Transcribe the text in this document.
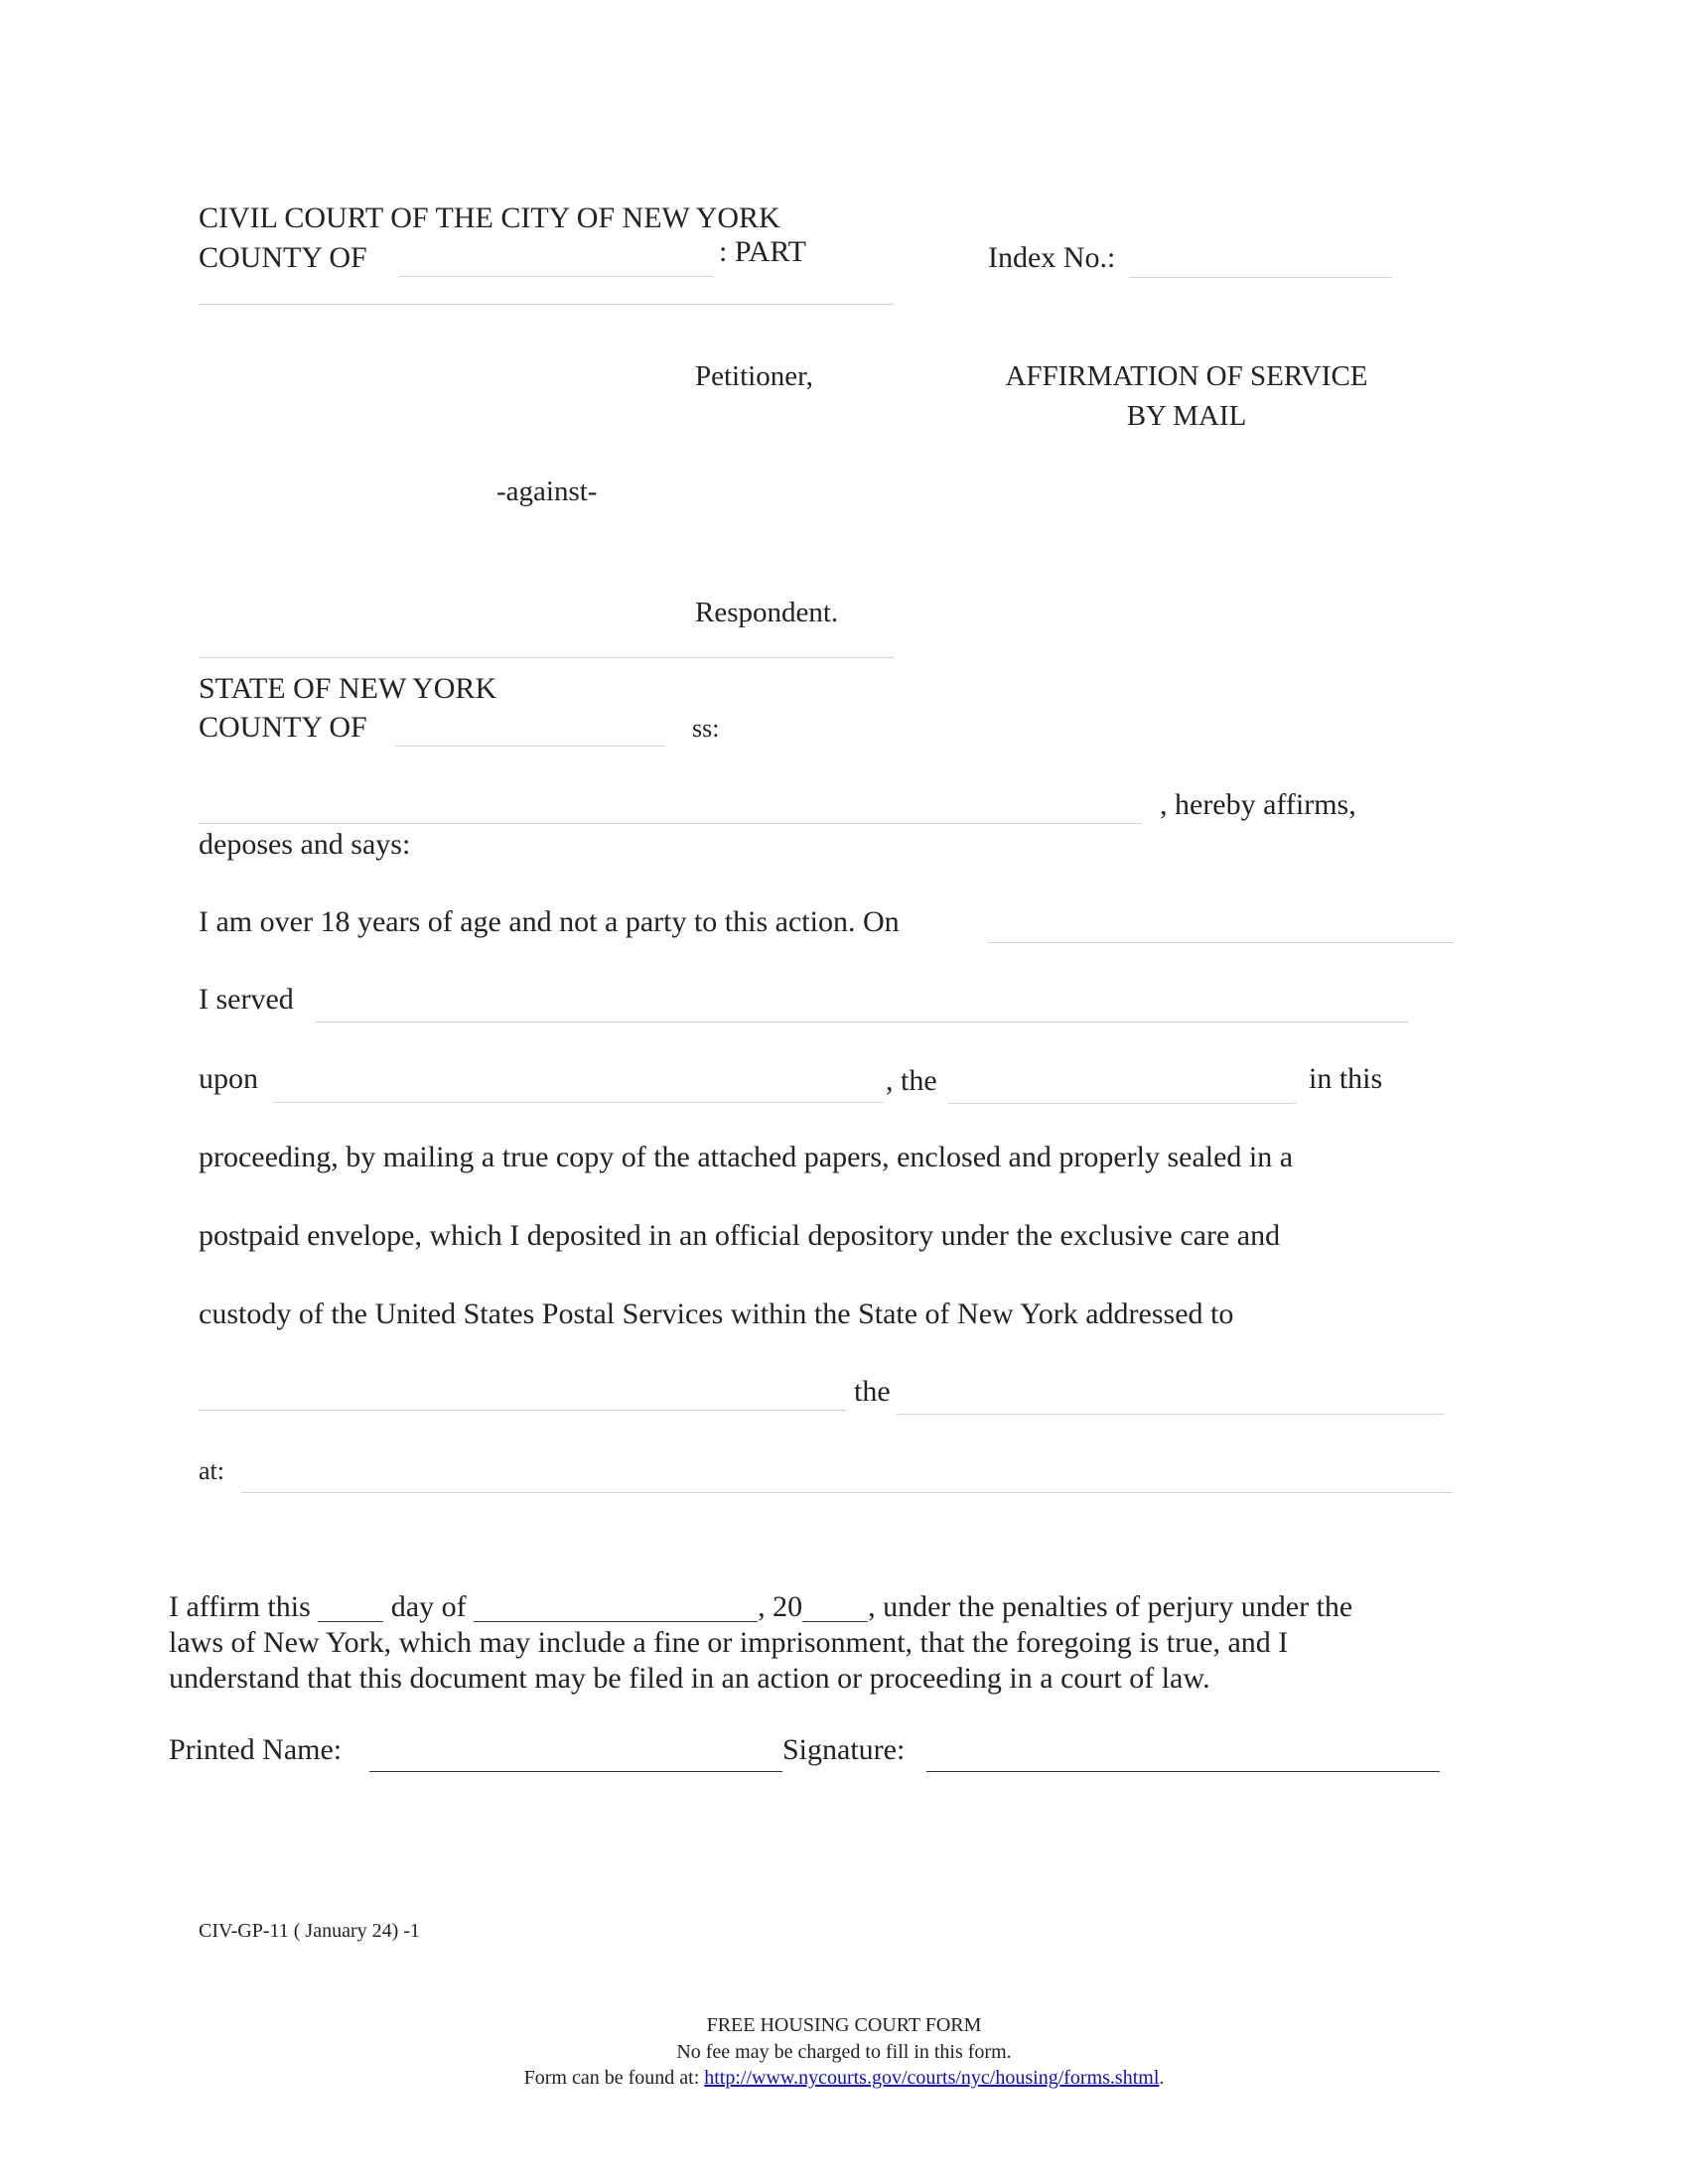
CIVIL COURT OF THE CITY OF NEW YORK
COUNTY OF	: PART	Index No.:
Petitioner,	AFFIRMATION OF SERVICE
BY MAIL
-against-
Respondent.
STATE OF NEW YORK
COUNTY OF	ss:
, hereby affirms,
deposes and says:
I am over 18 years of age and not a party to this action. On
I served
upon	, the	in this
proceeding, by mailing a true copy of the attached papers, enclosed and properly sealed in a
postpaid envelope, which I deposited in an official depository under the exclusive care and
custody of the United States Postal Services within the State of New York addressed to
the
at:
I affirm this	day of	, 20 , under the penalties of perjury under the
laws of New York, which may include a fine or imprisonment, that the foregoing is true, and I
understand that this document may be filed in an action or proceeding in a court of law.
Printed Name:	Signature:
CIV-GP-11 ( January 24) -1
FREE HOUSING COURT FORM
No fee may be charged to fill in this form.
Form can be found at: http://www.nycourts.gov/courts/nyc/housing/forms.shtml.
